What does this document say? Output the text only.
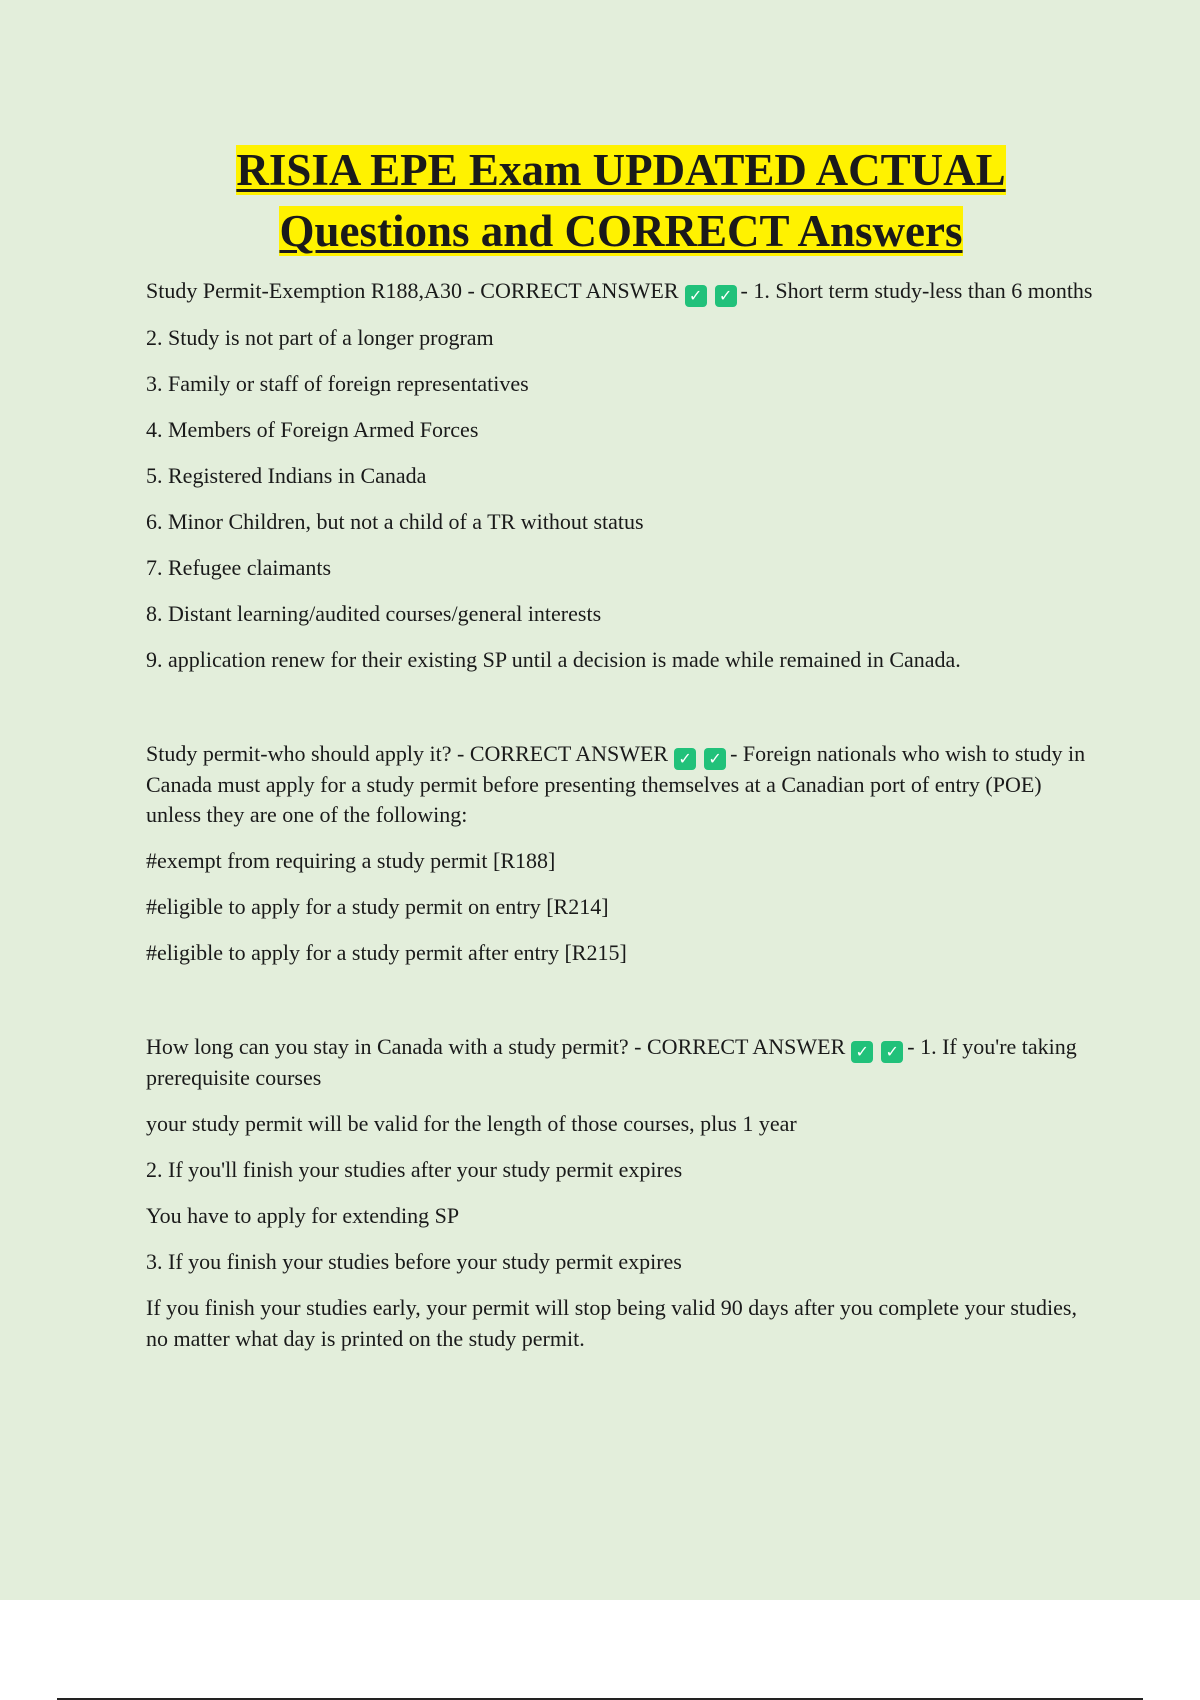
RISIA EPE Exam UPDATED ACTUAL
Questions and CORRECT Answers

Study Permit-Exemption R188,A30 - CORRECT ANSWER ✓ ✓ - 1. Short term study-less than 6 months

2. Study is not part of a longer program

3. Family or staff of foreign representatives

4. Members of Foreign Armed Forces

5. Registered Indians in Canada

6. Minor Children, but not a child of a TR without status

7. Refugee claimants

8. Distant learning/audited courses/general interests

9. application renew for their existing SP until a decision is made while remained in Canada.

Study permit-who should apply it? - CORRECT ANSWER ✓ ✓ - Foreign nationals who wish to study in Canada must apply for a study permit before presenting themselves at a Canadian port of entry (POE) unless they are one of the following:

#exempt from requiring a study permit [R188]

#eligible to apply for a study permit on entry [R214]

#eligible to apply for a study permit after entry [R215]

How long can you stay in Canada with a study permit? - CORRECT ANSWER ✓ ✓ - 1. If you're taking prerequisite courses

your study permit will be valid for the length of those courses, plus 1 year

2. If you'll finish your studies after your study permit expires

You have to apply for extending SP

3. If you finish your studies before your study permit expires

If you finish your studies early, your permit will stop being valid 90 days after you complete your studies, no matter what day is printed on the study permit.
